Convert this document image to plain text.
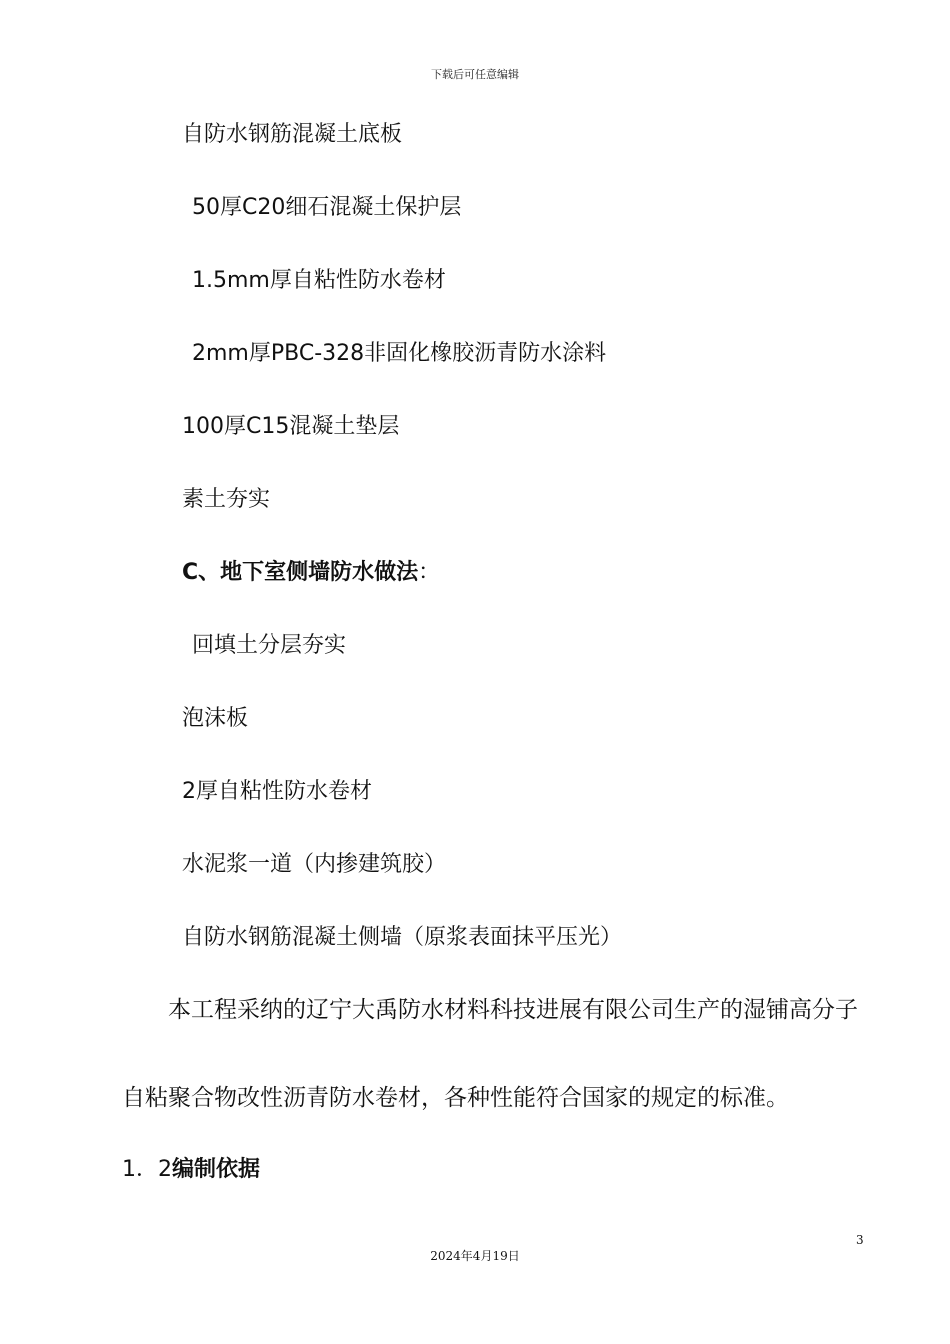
下载后可任意编辑
自防水钢筋混凝土底板
50厚C20细石混凝土保护层
1.5mm厚自粘性防水卷材
2mm厚PBC-328非固化橡胶沥青防水涂料
100厚C15混凝土垫层
素土夯实
C、地下室侧墙防水做法：
回填土分层夯实
泡沫板
2厚自粘性防水卷材
水泥浆一道（内掺建筑胶）
自防水钢筋混凝土侧墙（原浆表面抹平压光）
本工程采纳的辽宁大禹防水材料科技进展有限公司生产的湿铺高分子
自粘聚合物改性沥青防水卷材，各种性能符合国家的规定的标准。
1．2编制依据
3
2024年4月19日
